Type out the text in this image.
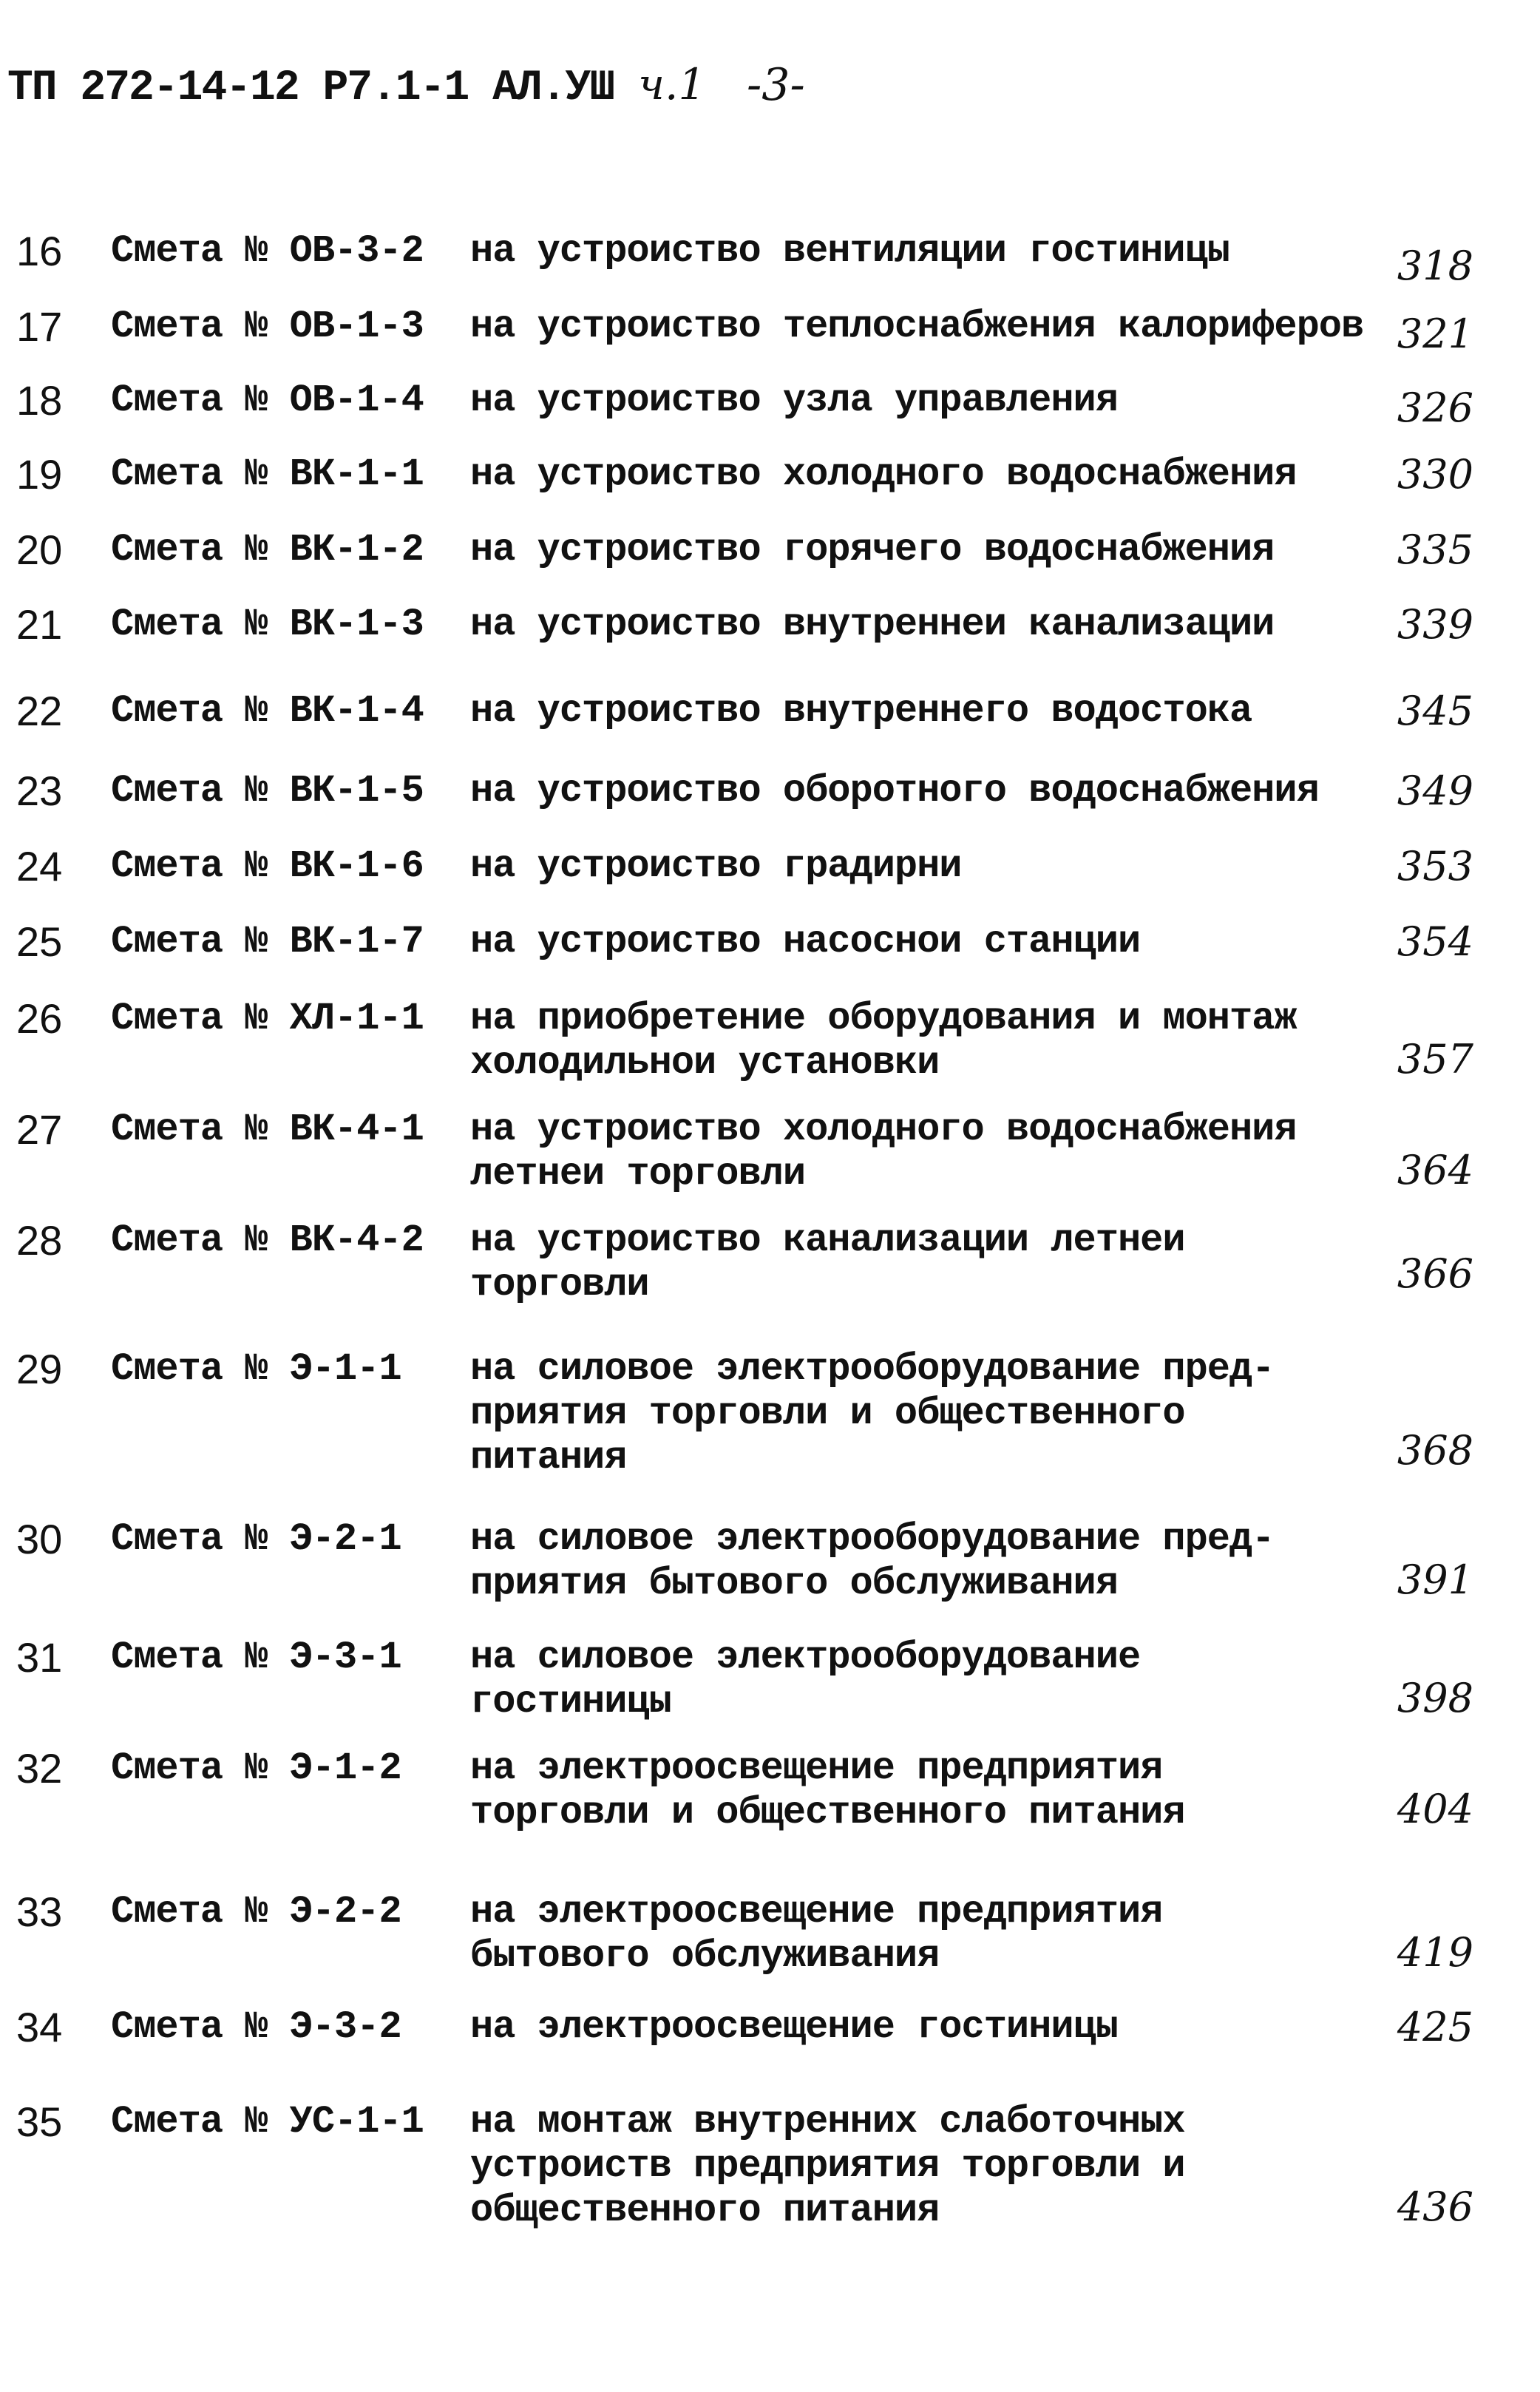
ТП 272-14-12 Р7.1-1 АЛ.УШ ч.1 -3-
16	Смета № ОВ-3-2	на устроиство вентиляции гостиницы	318
17	Смета № ОВ-1-3	на устроиство теплоснабжения калориферов 321
18	Смета № ОВ-1-4	на устроиство узла управления	326
19	Смета № ВК-1-1	на устроиство холодного водоснабжения	330
20	Смета № ВК-1-2	на устроиство горячего водоснабжения	335
21	Смета № ВК-1-3	на устроиство внутреннеи канализации	339
22	Смета № ВК-1-4	на устроиство внутреннего водостока	345
23	Смета № ВК-1-5	на устроиство оборотного водоснабжения	349
24	Смета № ВК-1-6	на устроиство градирни	353
25	Смета № ВК-1-7	на устроиство насоснои станции	354
26	Смета № ХЛ-1-1	на приобретение оборудования и монтаж
холодильнои установки	357
27	Смета № ВК-4-1	на устроиство холодного водоснабжения
летнеи торговли	364
28	Смета № ВК-4-2	на устроиство канализации летнеи
торговли	366
29	Смета № Э-1-1	на силовое электрооборудование пред-
приятия торговли и общественного
питания	368
30	Смета № Э-2-1	на силовое электрооборудование пред-
приятия бытового обслуживания	391
31	Смета № Э-3-1	на силовое электрооборудование
гостиницы	398
32	Смета № Э-1-2	на электроосвещение предприятия
торговли и общественного питания	404
33	Смета № Э-2-2	на электроосвещение предприятия
бытового обслуживания	419
34	Смета № Э-3-2	на электроосвещение гостиницы	425
35	Смета № УС-1-1	на монтаж внутренних слаботочных
устроиств предприятия торговли и
общественного питания	436
